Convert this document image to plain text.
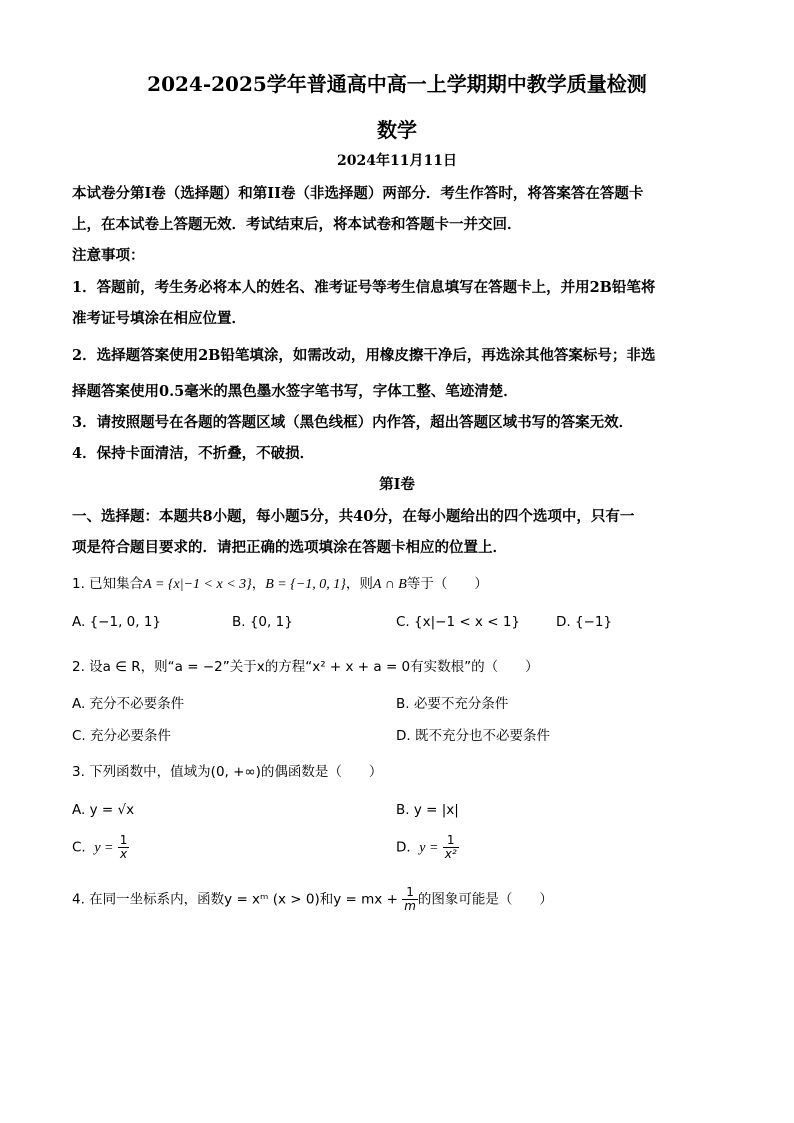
2024-2025学年普通高中高一上学期期中教学质量检测
数学
2024年11月11日
本试卷分第I卷（选择题）和第II卷（非选择题）两部分．考生作答时，将答案答在答题卡
上，在本试卷上答题无效．考试结束后，将本试卷和答题卡一并交回．
注意事项：
1．答题前，考生务必将本人的姓名、准考证号等考生信息填写在答题卡上，并用2B铅笔将
准考证号填涂在相应位置．
2．选择题答案使用2B铅笔填涂，如需改动，用橡皮擦干净后，再选涂其他答案标号；非选
择题答案使用0.5毫米的黑色墨水签字笔书写，字体工整、笔迹清楚．
3．请按照题号在各题的答题区域（黑色线框）内作答，超出答题区域书写的答案无效．
4．保持卡面清洁，不折叠，不破损．
第I卷
一、选择题：本题共8小题，每小题5分，共40分，在每小题给出的四个选项中，只有一
项是符合题目要求的．请把正确的选项填涂在答题卡相应的位置上．
1. 已知集合A = {x|−1 < x < 3}，B = {−1, 0, 1}，则A ∩ B等于（　　）
A. {−1, 0, 1}	B. {0, 1}	C. {x|−1 < x < 1}	D. {−1}
2. 设a ∈ R，则“a = −2”关于x的方程“x² + x + a = 0有实数根”的（　　）
A. 充分不必要条件	B. 必要不充分条件
C. 充分必要条件	D. 既不充分也不必要条件
3. 下列函数中，值域为(0, +∞)的偶函数是（　　）
A. y = √x	B. y = |x|
C. $y = \frac{1}{x}$	D. $y = \frac{1}{\text{x²}}$
4. 在同一坐标系内，函数y = xᵐ (x > 0)和y = mx + $\frac{1}{m}$ 的图象可能是（　　）
